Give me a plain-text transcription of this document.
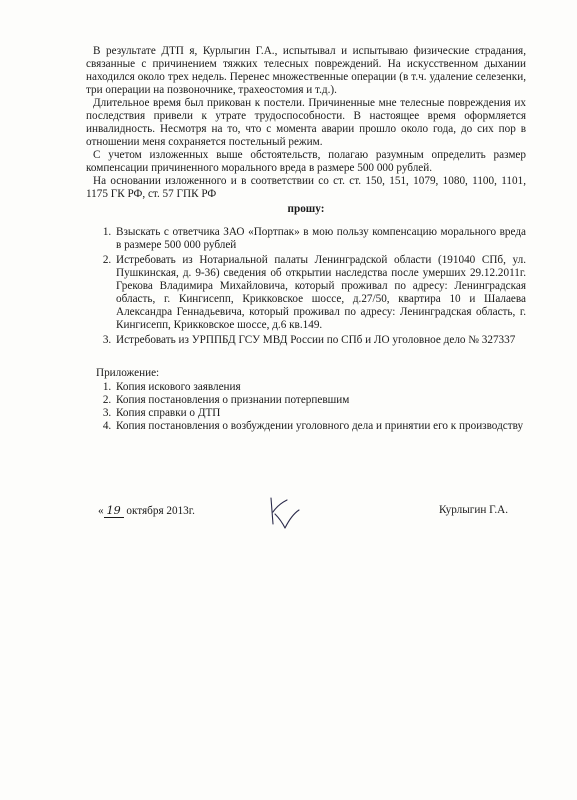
В результате ДТП я, Курлыгин Г.А., испытывал и испытываю физические страдания, связанные с причинением тяжких телесных повреждений. На искусственном дыхании находился около трех недель. Перенес множественные операции (в т.ч. удаление селезенки, три операции на позвоночнике, трахеостомия и т.д.).

Длительное время был прикован к постели. Причиненные мне телесные повреждения их последствия привели к утрате трудоспособности. В настоящее время оформляется инвалидность. Несмотря на то, что с момента аварии прошло около года, до сих пор в отношении меня сохраняется постельный режим.

С учетом изложенных выше обстоятельств, полагаю разумным определить размер компенсации причиненного морального вреда в размере 500 000 рублей.

На основании изложенного и в соответствии со ст. ст. 150, 151, 1079, 1080, 1100, 1101, 1175 ГК РФ, ст. 57 ГПК РФ

прошу:
1. Взыскать с ответчика ЗАО «Портпак» в мою пользу компенсацию морального вреда в размере 500 000 рублей
2. Истребовать из Нотариальной палаты Ленинградской области (191040 СПб, ул. Пушкинская, д. 9-36) сведения об открытии наследства после умерших 29.12.2011г. Грекова Владимира Михайловича, который проживал по адресу: Ленинградская область, г. Кингисепп, Крикковское шоссе, д.27/50, квартира 10 и Шалаева Александра Геннадьевича, который проживал по адресу: Ленинградская область, г. Кингисепп, Крикковское шоссе, д.6 кв.149.
3. Истребовать из УРППБД ГСУ МВД России по СПб и ЛО уголовное дело № 327337
Приложение:
1. Копия искового заявления
2. Копия постановления о признании потерпевшим
3. Копия справки о ДТП
4. Копия постановления о возбуждении уголовного дела и принятии его к производству
« 19 октября 2013г.	Курлыгин Г.А.
